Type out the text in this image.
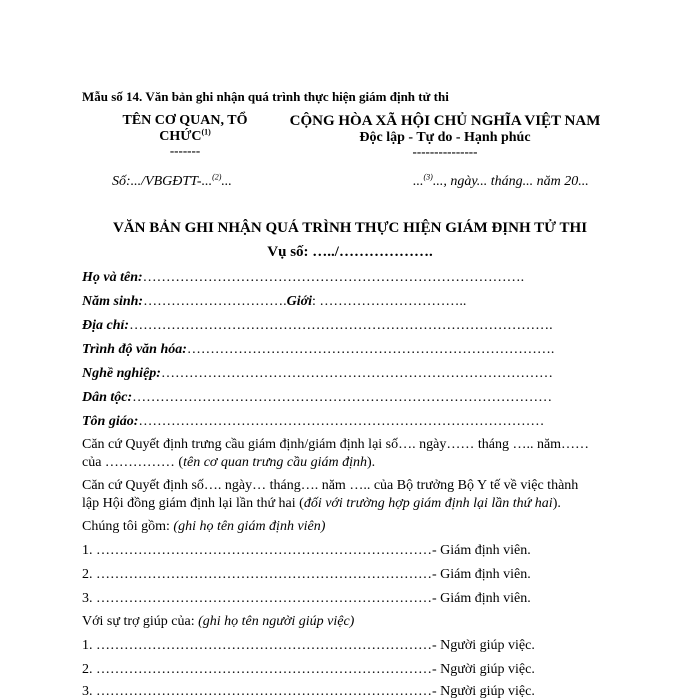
Mẫu số 14. Văn bản ghi nhận quá trình thực hiện giám định tử thi
TÊN CƠ QUAN, TỔ
CHỨC$^{(1)}$
-------
CỘNG HÒA XÃ HỘI CHỦ NGHĨA VIỆT NAM
Độc lập - Tự do - Hạnh phúc
---------------
Số:.../VBGĐTT-...$^{(2)}$...	...$^{(3)}$..., ngày... tháng... năm 20...
VĂN BẢN GHI NHẬN QUÁ TRÌNH THỰC HIỆN GIÁM ĐỊNH TỬ THI
Vụ số: …../……………….
Họ và tên:……………………………………………………………………….
Năm sinh:………………………….Giới: …………………………..
Địa chỉ:……………………………………………………………………………….
Trình độ văn hóa:…………………………………………………………………….
Nghề nghiệp:…………………………………………………………………………
Dân tộc:………………………………………………………………………………
Tôn giáo:……………………………………………………………………………
Căn cứ Quyết định trưng cầu giám định/giám định lại số…. ngày…… tháng ….. năm……
của …………… (tên cơ quan trưng cầu giám định).
Căn cứ Quyết định số…. ngày… tháng…. năm ….. của Bộ trưởng Bộ Y tế về việc thành
lập Hội đồng giám định lại lần thứ hai (đối với trường hợp giám định lại lần thứ hai).
Chúng tôi gồm: (ghi họ tên giám định viên)
1. ………………………………………………………………- Giám định viên.
2. ………………………………………………………………- Giám định viên.
3. ………………………………………………………………- Giám định viên.
Với sự trợ giúp của: (ghi họ tên người giúp việc)
1. ………………………………………………………………- Người giúp việc.
2. ………………………………………………………………- Người giúp việc.
3. ………………………………………………………………- Người giúp việc.
